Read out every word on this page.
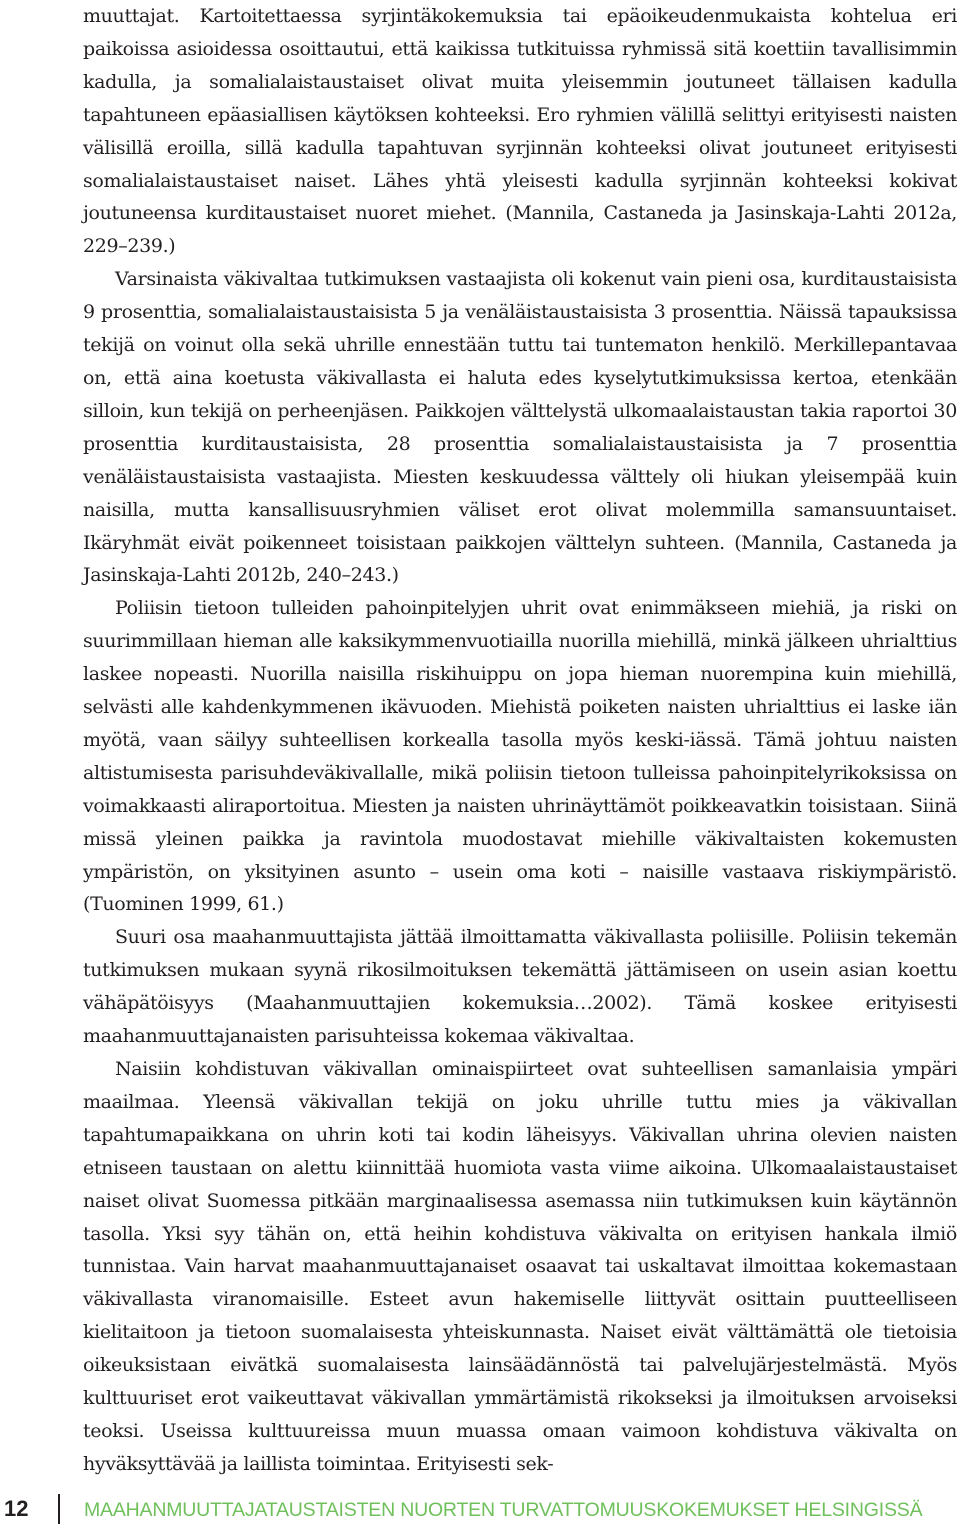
muuttajat. Kartoitettaessa syrjintäkokemuksia tai epäoikeudenmukaista kohtelua eri paikoissa asioidessa osoittautui, että kaikissa tutkituissa ryhmissä sitä koettiin tavallisimmin kadulla, ja somalialaistaustaiset olivat muita yleisemmin joutuneet tällaisen kadulla tapahtuneen epäasiallisen käytöksen kohteeksi. Ero ryhmien välillä selittyi erityisesti naisten välisillä eroilla, sillä kadulla tapahtuvan syrjinnän kohteeksi olivat joutuneet erityisesti somalialaistaustaiset naiset. Lähes yhtä yleisesti kadulla syrjinnän kohteeksi kokivat joutuneensa kurditaustaiset nuoret miehet. (Mannila, Castaneda ja Jasinskaja-Lahti 2012a, 229–239.)

Varsinaista väkivaltaa tutkimuksen vastaajista oli kokenut vain pieni osa, kurditaustaisista 9 prosenttia, somalialaistaustaisista 5 ja venäläistaustaisista 3 prosenttia. Näissä tapauksissa tekijä on voinut olla sekä uhrille ennestään tuttu tai tuntematon henkilö. Merkillepantavaa on, että aina koetusta väkivallasta ei haluta edes kyselytutkimuksissa kertoa, etenkään silloin, kun tekijä on perheenjäsen. Paikkojen välttelystä ulkomaalaistaustan takia raportoi 30 prosenttia kurditaustaisista, 28 prosenttia somalialaistaustaisista ja 7 prosenttia venäläistaustaisista vastaajista. Miesten keskuudessa välttely oli hiukan yleisempää kuin naisilla, mutta kansallisuusryhmien väliset erot olivat molemmilla samansuuntaiset. Ikäryhmät eivät poikenneet toisistaan paikkojen välttelyn suhteen. (Mannila, Castaneda ja Jasinskaja-Lahti 2012b, 240–243.)

Poliisin tietoon tulleiden pahoinpitelyjen uhrit ovat enimmäkseen miehiä, ja riski on suurimmillaan hieman alle kaksikymmenvuotiailla nuorilla miehillä, minkä jälkeen uhrialttius laskee nopeasti. Nuorilla naisilla riskihuippu on jopa hieman nuorempina kuin miehillä, selvästi alle kahdenkymmenen ikävuoden. Miehistä poiketen naisten uhrialttius ei laske iän myötä, vaan säilyy suhteellisen korkealla tasolla myös keski-iässä. Tämä johtuu naisten altistumisesta parisuhdeväkivallalle, mikä poliisin tietoon tulleissa pahoinpitelyrikoksissa on voimakkaasti aliraportoitua. Miesten ja naisten uhrinäyttämöt poikkeavatkin toisistaan. Siinä missä yleinen paikka ja ravintola muodostavat miehille väkivaltaisten kokemusten ympäristön, on yksityinen asunto – usein oma koti – naisille vastaava riskiympäristö. (Tuominen 1999, 61.)

Suuri osa maahanmuuttajista jättää ilmoittamatta väkivallasta poliisille. Poliisin tekemän tutkimuksen mukaan syynä rikosilmoituksen tekemättä jättämiseen on usein asian koettu vähäpätöisyys (Maahanmuuttajien kokemuksia…2002). Tämä koskee erityisesti maahanmuuttajanaisten parisuhteissa kokemaa väkivaltaa.

Naisiin kohdistuvan väkivallan ominaispiirteet ovat suhteellisen samanlaisia ympäri maailmaa. Yleensä väkivallan tekijä on joku uhrille tuttu mies ja väkivallan tapahtumapaikkana on uhrin koti tai kodin läheisyys. Väkivallan uhrina olevien naisten etniseen taustaan on alettu kiinnittää huomiota vasta viime aikoina. Ulkomaalaistaustaiset naiset olivat Suomessa pitkään marginaalisessa asemassa niin tutkimuksen kuin käytännön tasolla. Yksi syy tähän on, että heihin kohdistuva väkivalta on erityisen hankala ilmiö tunnistaa. Vain harvat maahanmuuttajanaiset osaavat tai uskaltavat ilmoittaa kokemastaan väkivallasta viranomaisille. Esteet avun hakemiselle liittyvät osittain puutteelliseen kielitaitoon ja tietoon suomalaisesta yhteiskunnasta. Naiset eivät välttämättä ole tietoisia oikeuksistaan eivätkä suomalaisesta lainsäädännöstä tai palvelujärjestelmästä. Myös kulttuuriset erot vaikeuttavat väkivallan ymmärtämistä rikokseksi ja ilmoituksen arvoiseksi teoksi. Useissa kulttuureissa muun muassa omaan vaimoon kohdistuva väkivalta on hyväksyttävää ja laillista toimintaa. Erityisesti sek-

12	MAAHANMUUTTAJATAUSTAISTEN NUORTEN TURVATTOMUUSKOKEMUKSET HELSINGISSÄ
